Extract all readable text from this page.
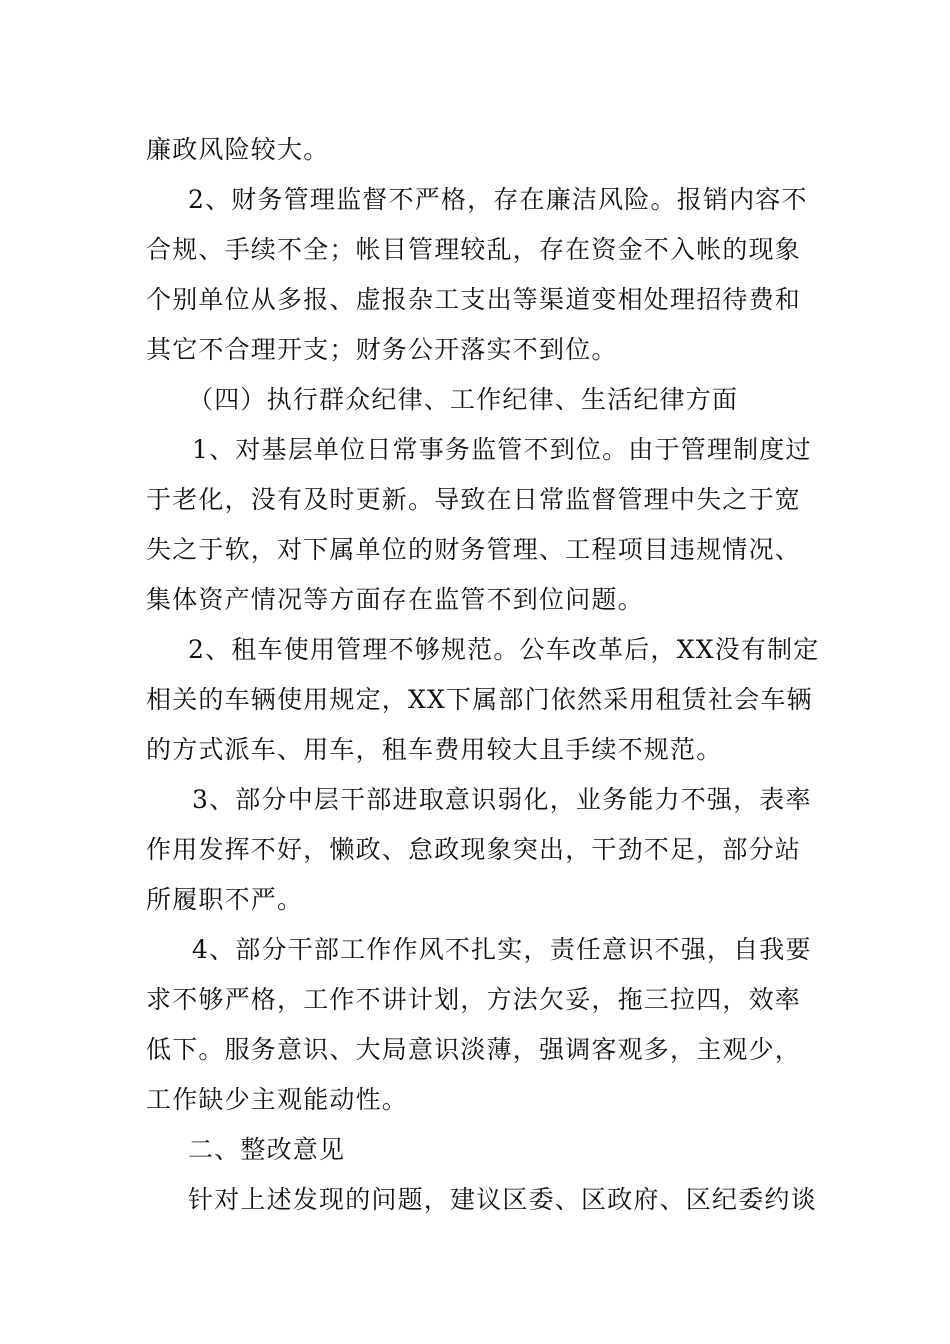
廉政风险较大。
2、财务管理监督不严格，存在廉洁风险。报销内容不
合规、手续不全；帐目管理较乱，存在资金不入帐的现象
个别单位从多报、虚报杂工支出等渠道变相处理招待费和
其它不合理开支；财务公开落实不到位。
（四）执行群众纪律、工作纪律、生活纪律方面
1、对基层单位日常事务监管不到位。由于管理制度过
于老化，没有及时更新。导致在日常监督管理中失之于宽
失之于软，对下属单位的财务管理、工程项目违规情况、
集体资产情况等方面存在监管不到位问题。
2、租车使用管理不够规范。公车改革后，XX没有制定
相关的车辆使用规定，XX下属部门依然采用租赁社会车辆
的方式派车、用车，租车费用较大且手续不规范。
3、部分中层干部进取意识弱化，业务能力不强，表率
作用发挥不好，懒政、怠政现象突出，干劲不足，部分站
所履职不严。
4、部分干部工作作风不扎实，责任意识不强，自我要
求不够严格，工作不讲计划，方法欠妥，拖三拉四，效率
低下。服务意识、大局意识淡薄，强调客观多，主观少，
工作缺少主观能动性。
二、整改意见
针对上述发现的问题，建议区委、区政府、区纪委约谈
